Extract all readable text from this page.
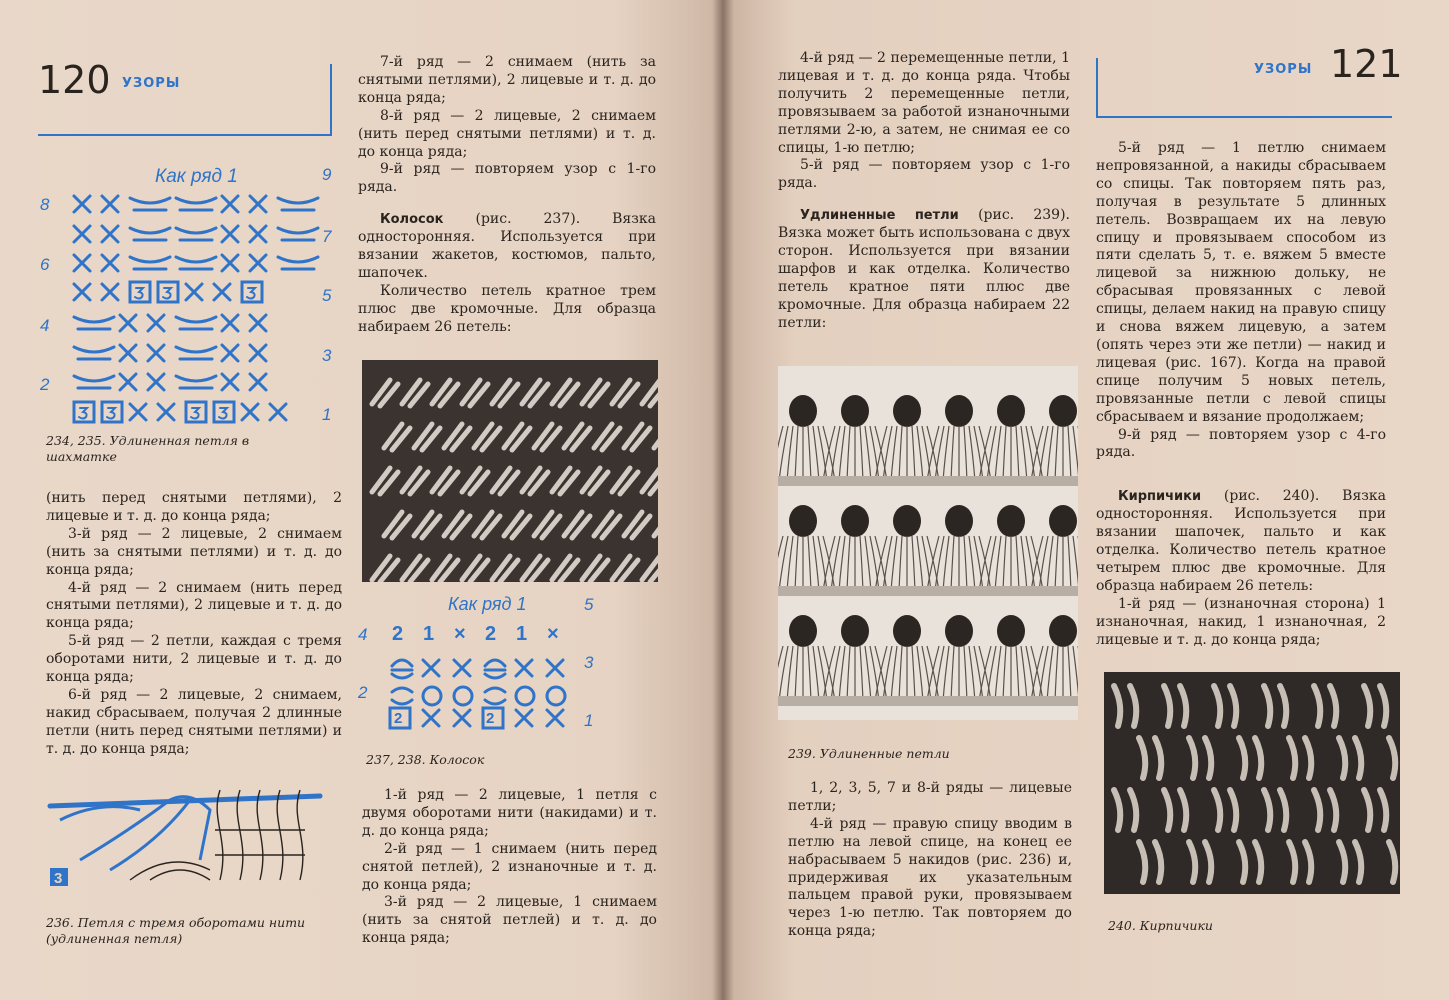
120 УЗОРЫ
Как ряд 1	9
8
7
6
5
4
3
2
1
234, 235. Удлиненная петля в шахматке

(нить перед снятыми петлями), 2 лицевые и т. д. до конца ряда;

3-й ряд — 2 лицевые, 2 снимаем (нить за снятыми петлями) и т. д. до конца ряда;

4-й ряд — 2 снимаем (нить перед снятыми петлями), 2 лицевые и т. д. до конца ряда;

5-й ряд — 2 петли, каждая с тремя оборотами нити, 2 лицевые и т. д. до конца ряда;

6-й ряд — 2 лицевые, 2 снимаем, накид сбрасываем, получая 2 длинные петли (нить перед снятыми петлями) и т. д. до конца ряда;

3
236. Петля с тремя оборотами нити (удлиненная петля)

7-й ряд — 2 снимаем (нить за снятыми петлями), 2 лицевые и т. д. до конца ряда;

8-й ряд — 2 лицевые, 2 снимаем (нить перед снятыми петлями) и т. д. до конца ряда;

9-й ряд — повторяем узор с 1-го ряда.

Колосок (рис. 237). Вязка односторонняя. Используется при вязании жакетов, костюмов, пальто, шапочек.

Количество петель кратное трем плюс две кромочные. Для образца набираем 26 петель:

Как ряд 1	5
4
3
2
1
2 1 × 2 1 ×
2	2
237, 238. Колосок

1-й ряд — 2 лицевые, 1 петля с двумя оборотами нити (накидами) и т. д. до конца ряда;

2-й ряд — 1 снимаем (нить перед снятой петлей), 2 изнаночные и т. д. до конца ряда;

3-й ряд — 2 лицевые, 1 снимаем (нить за снятой петлей) и т. д. до конца ряда;

4-й ряд — 2 перемещенные петли, 1 лицевая и т. д. до конца ряда. Чтобы получить 2 перемещенные петли, провязываем за работой изнаночными петлями 2-ю, а затем, не снимая ее со спицы, 1-ю петлю;

5-й ряд — повторяем узор с 1-го ряда.

Удлиненные петли (рис. 239). Вязка может быть использована с двух сторон. Используется при вязании шарфов и как отделка. Количество петель кратное пяти плюс две кромочные. Для образца набираем 22 петли:

239. Удлиненные петли

1, 2, 3, 5, 7 и 8-й ряды — лицевые петли;

4-й ряд — правую спицу вводим в петлю на левой спице, на конец ее набрасываем 5 накидов (рис. 236) и, придерживая их указательным пальцем правой руки, провязываем через 1-ю петлю. Так повторяем до конца ряда;

УЗОРЫ 121

5-й ряд — 1 петлю снимаем непровязанной, а накиды сбрасываем со спицы. Так повторяем пять раз, получая в результате 5 длинных петель. Возвращаем их на левую спицу и провязываем способом из пяти сделать 5, т. е. вяжем 5 вместе лицевой за нижнюю дольку, не сбрасывая провязанных с левой спицы, делаем накид на правую спицу и снова вяжем лицевую, а затем (опять через эти же петли) — накид и лицевая (рис. 167). Когда на правой спице получим 5 новых петель, провязанные петли с левой спицы сбрасываем и вязание продолжаем;

9-й ряд — повторяем узор с 4-го ряда.

Кирпичики (рис. 240). Вязка односторонняя. Используется при вязании шапочек, пальто и как отделка. Количество петель кратное четырем плюс две кромочные. Для образца набираем 26 петель:

1-й ряд — (изнаночная сторона) 1 изнаночная, накид, 1 изнаночная, 2 лицевые и т. д. до конца ряда;

240. Кирпичики
